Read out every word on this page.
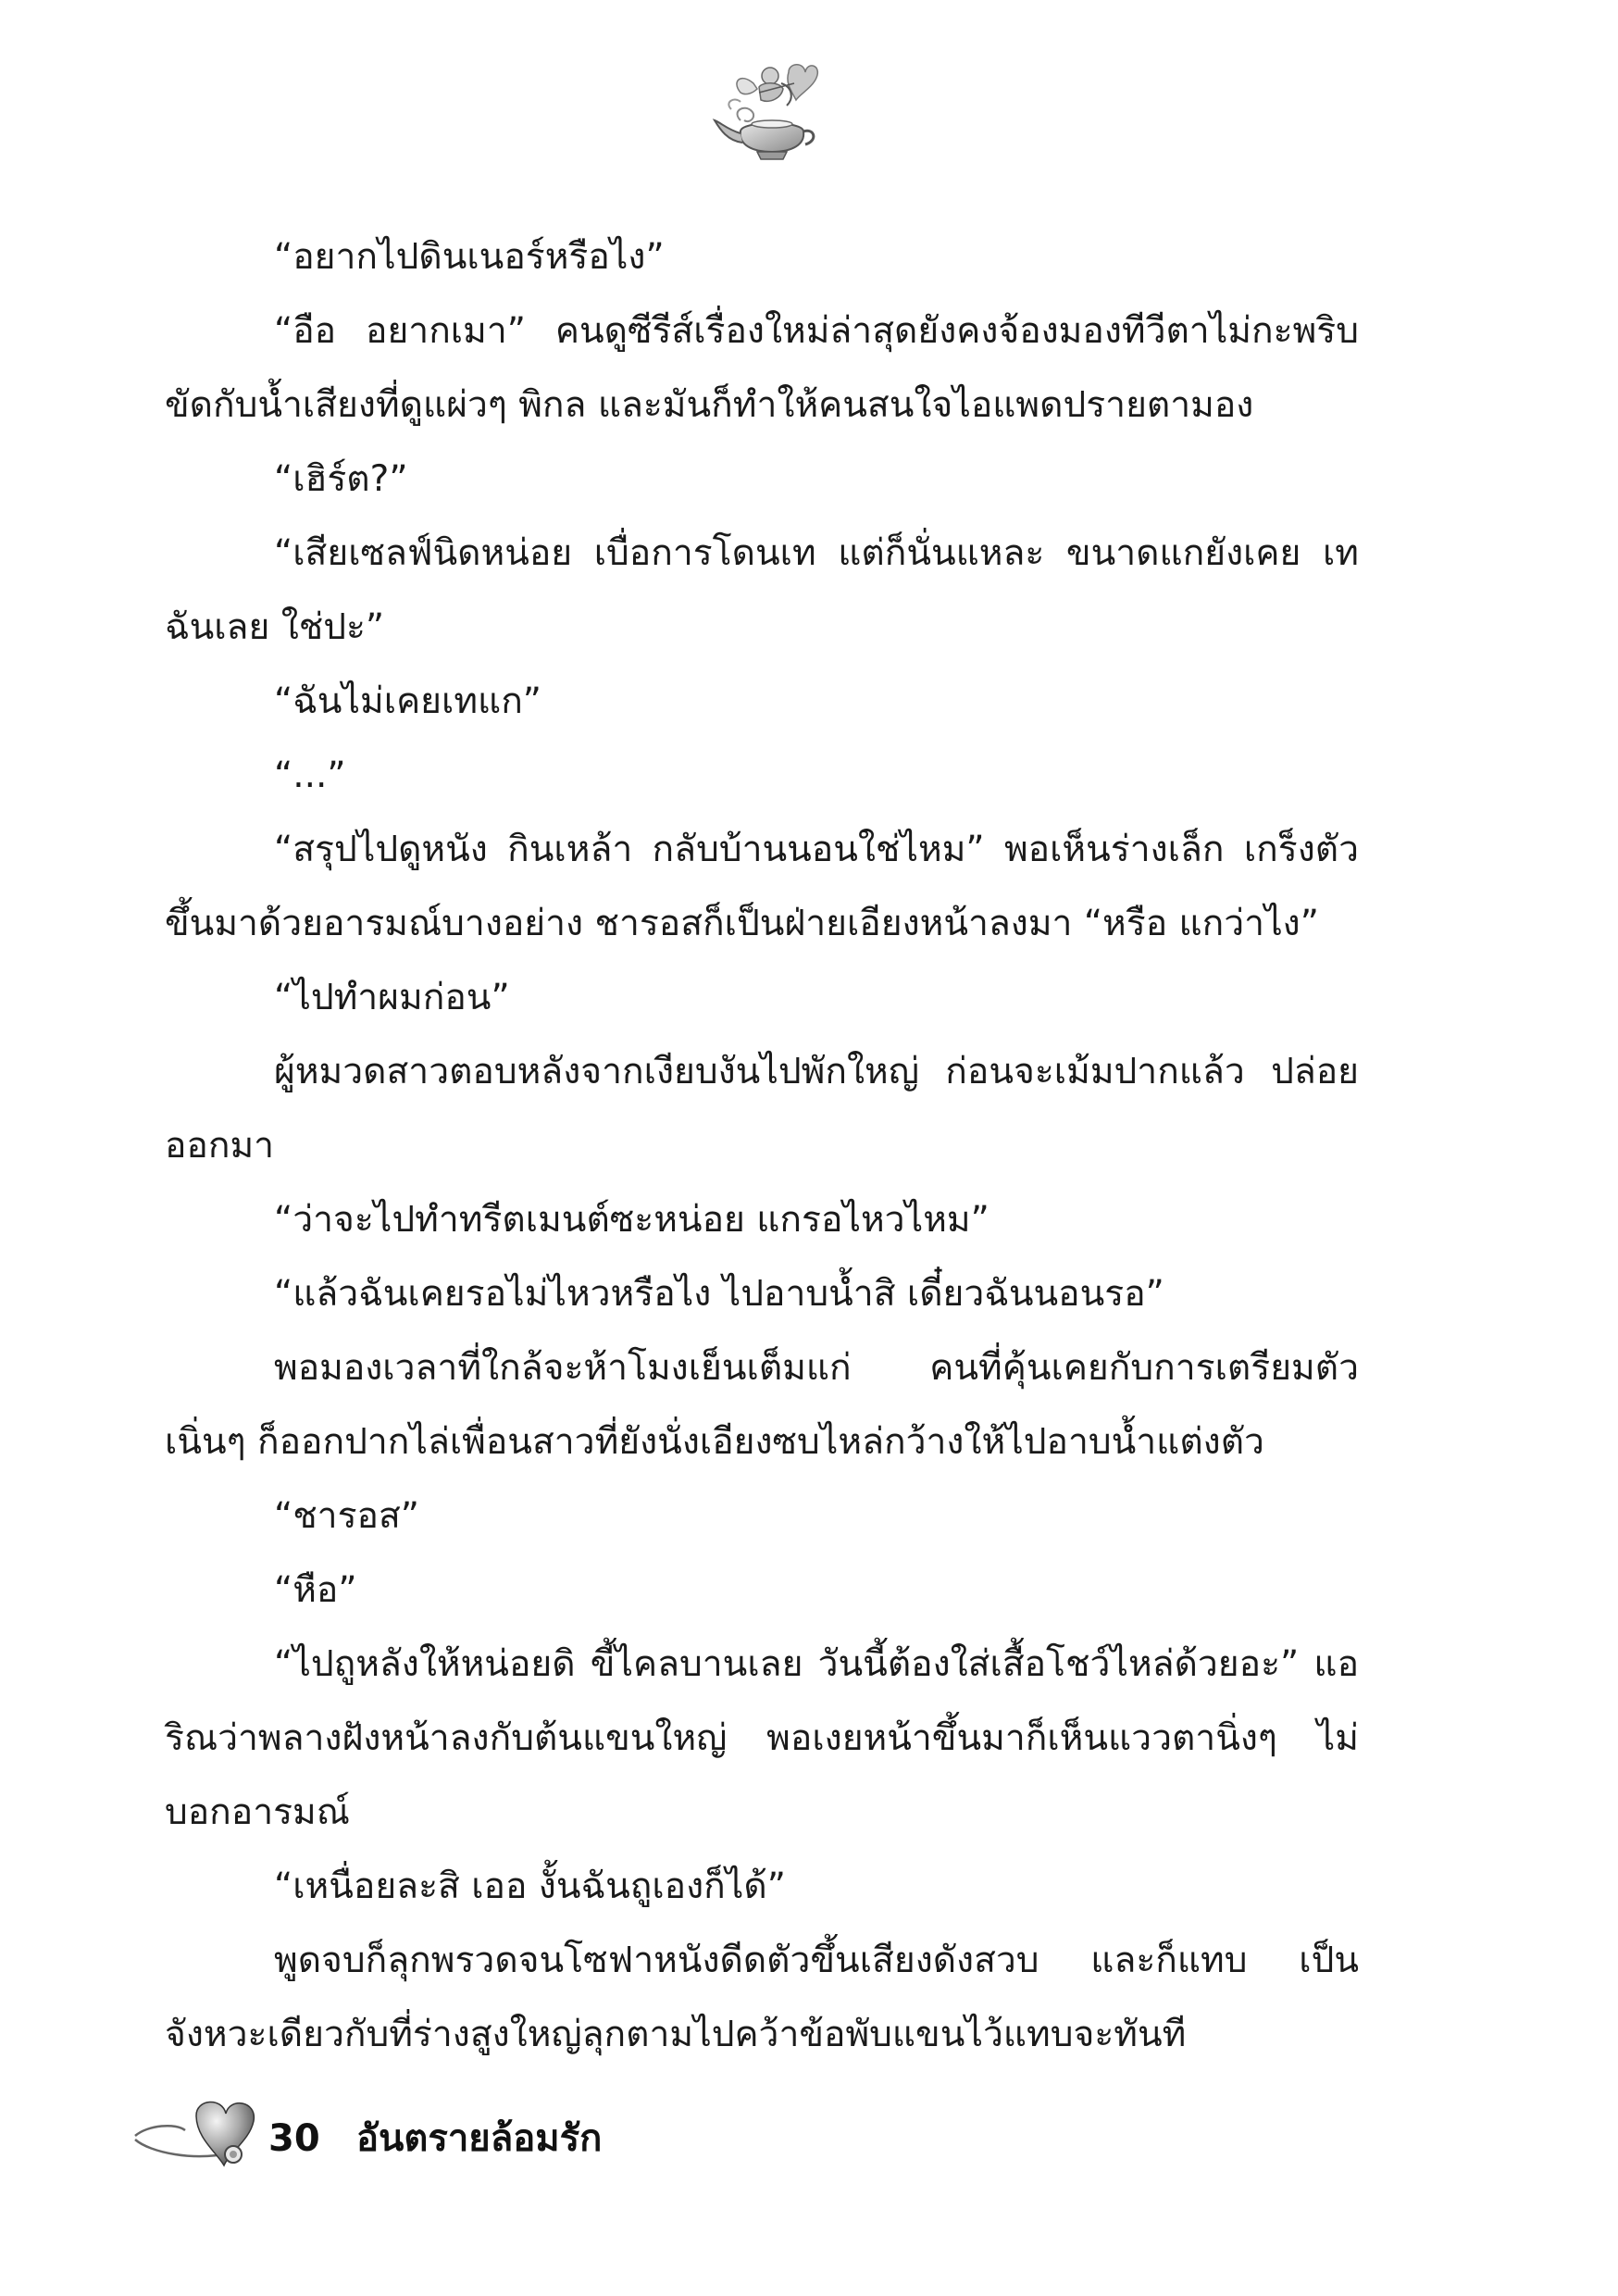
“อยากไปดินเนอร์หรือไง”

“อือ อยากเมา” คนดูซีรีส์เรื่องใหม่ล่าสุดยังคงจ้องมองทีวีตาไม่กะพริบ ขัดกับน้ำเสียงที่ดูแผ่วๆ พิกล และมันก็ทำให้คนสนใจไอแพดปรายตามอง

“เฮิร์ต?”

“เสียเซลฟ์นิดหน่อย เบื่อการโดนเท แต่ก็นั่นแหละ ขนาดแกยังเคย เทฉันเลย ใช่ปะ”

“ฉันไม่เคยเทแก”

“...”

“สรุปไปดูหนัง กินเหล้า กลับบ้านนอนใช่ไหม” พอเห็นร่างเล็ก เกร็งตัวขึ้นมาด้วยอารมณ์บางอย่าง ชารอสก็เป็นฝ่ายเอียงหน้าลงมา “หรือ แกว่าไง”

“ไปทำผมก่อน”

ผู้หมวดสาวตอบหลังจากเงียบงันไปพักใหญ่ ก่อนจะเม้มปากแล้ว ปล่อยออกมา

“ว่าจะไปทำทรีตเมนต์ซะหน่อย แกรอไหวไหม”

“แล้วฉันเคยรอไม่ไหวหรือไง ไปอาบน้ำสิ เดี๋ยวฉันนอนรอ”

พอมองเวลาที่ใกล้จะห้าโมงเย็นเต็มแก่ คนที่คุ้นเคยกับการเตรียมตัว เนิ่นๆ ก็ออกปากไล่เพื่อนสาวที่ยังนั่งเอียงซบไหล่กว้างให้ไปอาบน้ำแต่งตัว

“ชารอส”

“หือ”

“ไปถูหลังให้หน่อยดิ ขี้ไคลบานเลย วันนี้ต้องใส่เสื้อโชว์ไหล่ด้วยอะ” แอริณว่าพลางฝังหน้าลงกับต้นแขนใหญ่ พอเงยหน้าขึ้นมาก็เห็นแววตานิ่งๆ ไม่บอกอารมณ์

“เหนื่อยละสิ เออ งั้นฉันถูเองก็ได้”

พูดจบก็ลุกพรวดจนโซฟาหนังดีดตัวขึ้นเสียงดังสวบ และก็แทบ เป็นจังหวะเดียวกับที่ร่างสูงใหญ่ลุกตามไปคว้าข้อพับแขนไว้แทบจะทันที

30 อันตรายล้อมรัก
